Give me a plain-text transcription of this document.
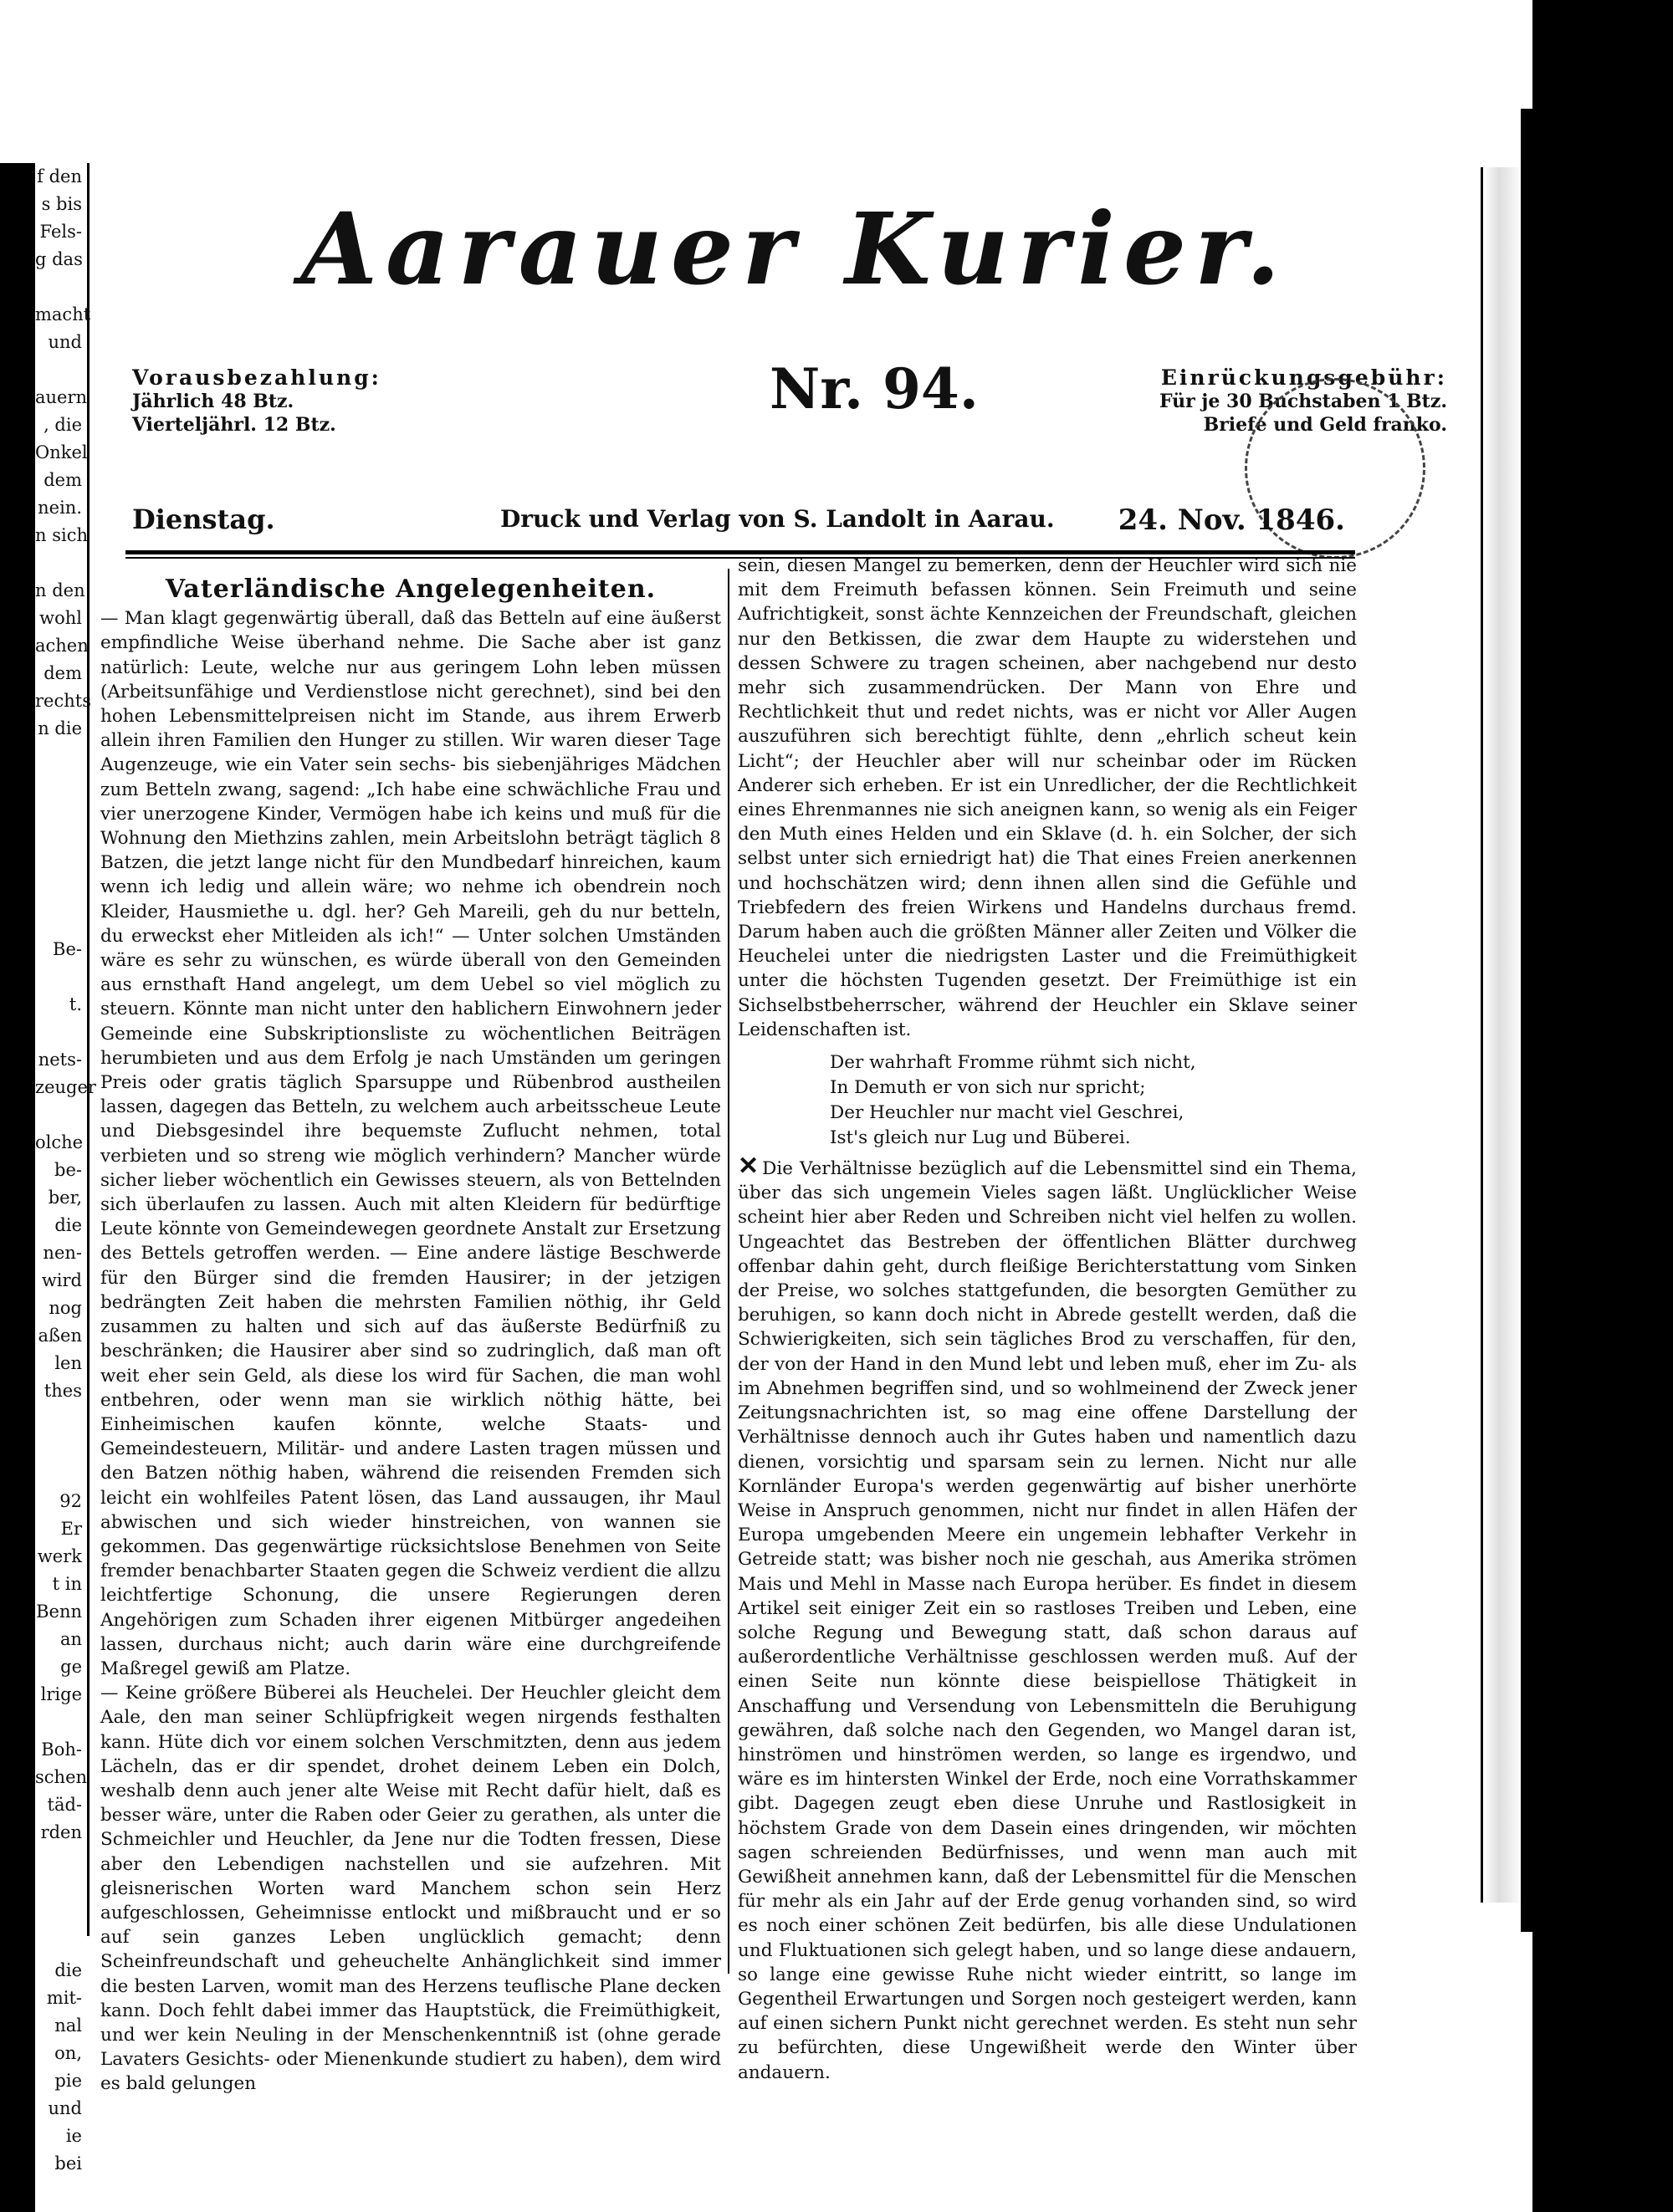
f den
s bis
Fels-
g das

macht
und

auern
, die
Onkel
dem
nein.
n sich

n den
wohl
achen
dem
rechts
n die

Be-

t.

nets-
zeuger

olche
be-
ber,
die
nen-
wird
nog
aßen
len
thes

92
Er
werk
t in
Benn
an
ge
lrige

Boh-
schen
täd-
rden

die
mit-
nal
on,
pie
und
ie
bei
Aarauer Kurier.
Vorausbezahlung:
Jährlich 48 Btz.
Vierteljährl. 12 Btz.
Nr. 94.	Einrückungsgebühr:
Für je 30 Buchstaben 1 Btz.
Briefe und Geld franko.
Dienstag.	Druck und Verlag von S. Landolt in Aarau. 24. Nov. 1846.
Vaterländische Angelegenheiten.

— Man klagt gegenwärtig überall, daß das Betteln auf eine äußerst empfindliche Weise überhand nehme. Die Sache aber ist ganz natürlich: Leute, welche nur aus geringem Lohn leben müssen (Arbeitsunfähige und Verdienstlose nicht gerechnet), sind bei den hohen Lebensmittelpreisen nicht im Stande, aus ihrem Erwerb allein ihren Familien den Hunger zu stillen. Wir waren dieser Tage Augenzeuge, wie ein Vater sein sechs- bis siebenjähriges Mädchen zum Betteln zwang, sagend: „Ich habe eine schwächliche Frau und vier unerzogene Kinder, Vermögen habe ich keins und muß für die Wohnung den Miethzins zahlen, mein Arbeitslohn beträgt täglich 8 Batzen, die jetzt lange nicht für den Mundbedarf hinreichen, kaum wenn ich ledig und allein wäre; wo nehme ich obendrein noch Kleider, Hausmiethe u. dgl. her? Geh Mareili, geh du nur betteln, du erweckst eher Mitleiden als ich!“ — Unter solchen Umständen wäre es sehr zu wünschen, es würde überall von den Gemeinden aus ernsthaft Hand angelegt, um dem Uebel so viel möglich zu steuern. Könnte man nicht unter den hablichern Einwohnern jeder Gemeinde eine Subskriptionsliste zu wöchentlichen Beiträgen herumbieten und aus dem Erfolg je nach Umständen um geringen Preis oder gratis täglich Sparsuppe und Rübenbrod austheilen lassen, dagegen das Betteln, zu welchem auch arbeitsscheue Leute und Diebsgesindel ihre bequemste Zuflucht nehmen, total verbieten und so streng wie möglich verhindern? Mancher würde sicher lieber wöchentlich ein Gewisses steuern, als von Bettelnden sich überlaufen zu lassen. Auch mit alten Kleidern für bedürftige Leute könnte von Gemeindewegen geordnete Anstalt zur Ersetzung des Bettels getroffen werden. — Eine andere lästige Beschwerde für den Bürger sind die fremden Hausirer; in der jetzigen bedrängten Zeit haben die mehrsten Familien nöthig, ihr Geld zusammen zu halten und sich auf das äußerste Bedürfniß zu beschränken; die Hausirer aber sind so zudringlich, daß man oft weit eher sein Geld, als diese los wird für Sachen, die man wohl entbehren, oder wenn man sie wirklich nöthig hätte, bei Einheimischen kaufen könnte, welche Staats- und Gemeindesteuern, Militär- und andere Lasten tragen müssen und den Batzen nöthig haben, während die reisenden Fremden sich leicht ein wohlfeiles Patent lösen, das Land aussaugen, ihr Maul abwischen und sich wieder hinstreichen, von wannen sie gekommen. Das gegenwärtige rücksichtslose Benehmen von Seite fremder benachbarter Staaten gegen die Schweiz verdient die allzu leichtfertige Schonung, die unsere Regierungen deren Angehörigen zum Schaden ihrer eigenen Mitbürger angedeihen lassen, durchaus nicht; auch darin wäre eine durchgreifende Maßregel gewiß am Platze.

— Keine größere Büberei als Heuchelei. Der Heuchler gleicht dem Aale, den man seiner Schlüpfrigkeit wegen nirgends festhalten kann. Hüte dich vor einem solchen Verschmitzten, denn aus jedem Lächeln, das er dir spendet, drohet deinem Leben ein Dolch, weshalb denn auch jener alte Weise mit Recht dafür hielt, daß es besser wäre, unter die Raben oder Geier zu gerathen, als unter die Schmeichler und Heuchler, da Jene nur die Todten fressen, Diese aber den Lebendigen nachstellen und sie aufzehren. Mit gleisnerischen Worten ward Manchem schon sein Herz aufgeschlossen, Geheimnisse entlockt und mißbraucht und er so auf sein ganzes Leben unglücklich gemacht; denn Scheinfreundschaft und geheuchelte Anhänglichkeit sind immer die besten Larven, womit man des Herzens teuflische Plane decken kann. Doch fehlt dabei immer das Hauptstück, die Freimüthigkeit, und wer kein Neuling in der Menschenkenntniß ist (ohne gerade Lavaters Gesichts- oder Mienenkunde studiert zu haben), dem wird es bald gelungen

sein, diesen Mangel zu bemerken, denn der Heuchler wird sich nie mit dem Freimuth befassen können. Sein Freimuth und seine Aufrichtigkeit, sonst ächte Kennzeichen der Freundschaft, gleichen nur den Betkissen, die zwar dem Haupte zu widerstehen und dessen Schwere zu tragen scheinen, aber nachgebend nur desto mehr sich zusammendrücken. Der Mann von Ehre und Rechtlichkeit thut und redet nichts, was er nicht vor Aller Augen auszuführen sich berechtigt fühlte, denn „ehrlich scheut kein Licht“; der Heuchler aber will nur scheinbar oder im Rücken Anderer sich erheben. Er ist ein Unredlicher, der die Rechtlichkeit eines Ehrenmannes nie sich aneignen kann, so wenig als ein Feiger den Muth eines Helden und ein Sklave (d. h. ein Solcher, der sich selbst unter sich erniedrigt hat) die That eines Freien anerkennen und hochschätzen wird; denn ihnen allen sind die Gefühle und Triebfedern des freien Wirkens und Handelns durchaus fremd. Darum haben auch die größten Männer aller Zeiten und Völker die Heuchelei unter die niedrigsten Laster und die Freimüthigkeit unter die höchsten Tugenden gesetzt. Der Freimüthige ist ein Sichselbstbeherrscher, während der Heuchler ein Sklave seiner Leidenschaften ist.

Der wahrhaft Fromme rühmt sich nicht,
In Demuth er von sich nur spricht;
Der Heuchler nur macht viel Geschrei,
Ist's gleich nur Lug und Büberei.

✕ Die Verhältnisse bezüglich auf die Lebensmittel sind ein Thema, über das sich ungemein Vieles sagen läßt. Unglücklicher Weise scheint hier aber Reden und Schreiben nicht viel helfen zu wollen. Ungeachtet das Bestreben der öffentlichen Blätter durchweg offenbar dahin geht, durch fleißige Berichterstattung vom Sinken der Preise, wo solches stattgefunden, die besorgten Gemüther zu beruhigen, so kann doch nicht in Abrede gestellt werden, daß die Schwierigkeiten, sich sein tägliches Brod zu verschaffen, für den, der von der Hand in den Mund lebt und leben muß, eher im Zu- als im Abnehmen begriffen sind, und so wohlmeinend der Zweck jener Zeitungsnachrichten ist, so mag eine offene Darstellung der Verhältnisse dennoch auch ihr Gutes haben und namentlich dazu dienen, vorsichtig und sparsam sein zu lernen. Nicht nur alle Kornländer Europa's werden gegenwärtig auf bisher unerhörte Weise in Anspruch genommen, nicht nur findet in allen Häfen der Europa umgebenden Meere ein ungemein lebhafter Verkehr in Getreide statt; was bisher noch nie geschah, aus Amerika strömen Mais und Mehl in Masse nach Europa herüber. Es findet in diesem Artikel seit einiger Zeit ein so rastloses Treiben und Leben, eine solche Regung und Bewegung statt, daß schon daraus auf außerordentliche Verhältnisse geschlossen werden muß. Auf der einen Seite nun könnte diese beispiellose Thätigkeit in Anschaffung und Versendung von Lebensmitteln die Beruhigung gewähren, daß solche nach den Gegenden, wo Mangel daran ist, hinströmen und hinströmen werden, so lange es irgendwo, und wäre es im hintersten Winkel der Erde, noch eine Vorrathskammer gibt. Dagegen zeugt eben diese Unruhe und Rastlosigkeit in höchstem Grade von dem Dasein eines dringenden, wir möchten sagen schreienden Bedürfnisses, und wenn man auch mit Gewißheit annehmen kann, daß der Lebensmittel für die Menschen für mehr als ein Jahr auf der Erde genug vorhanden sind, so wird es noch einer schönen Zeit bedürfen, bis alle diese Undulationen und Fluktuationen sich gelegt haben, und so lange diese andauern, so lange eine gewisse Ruhe nicht wieder eintritt, so lange im Gegentheil Erwartungen und Sorgen noch gesteigert werden, kann auf einen sichern Punkt nicht gerechnet werden. Es steht nun sehr zu befürchten, diese Ungewißheit werde den Winter über andauern.
